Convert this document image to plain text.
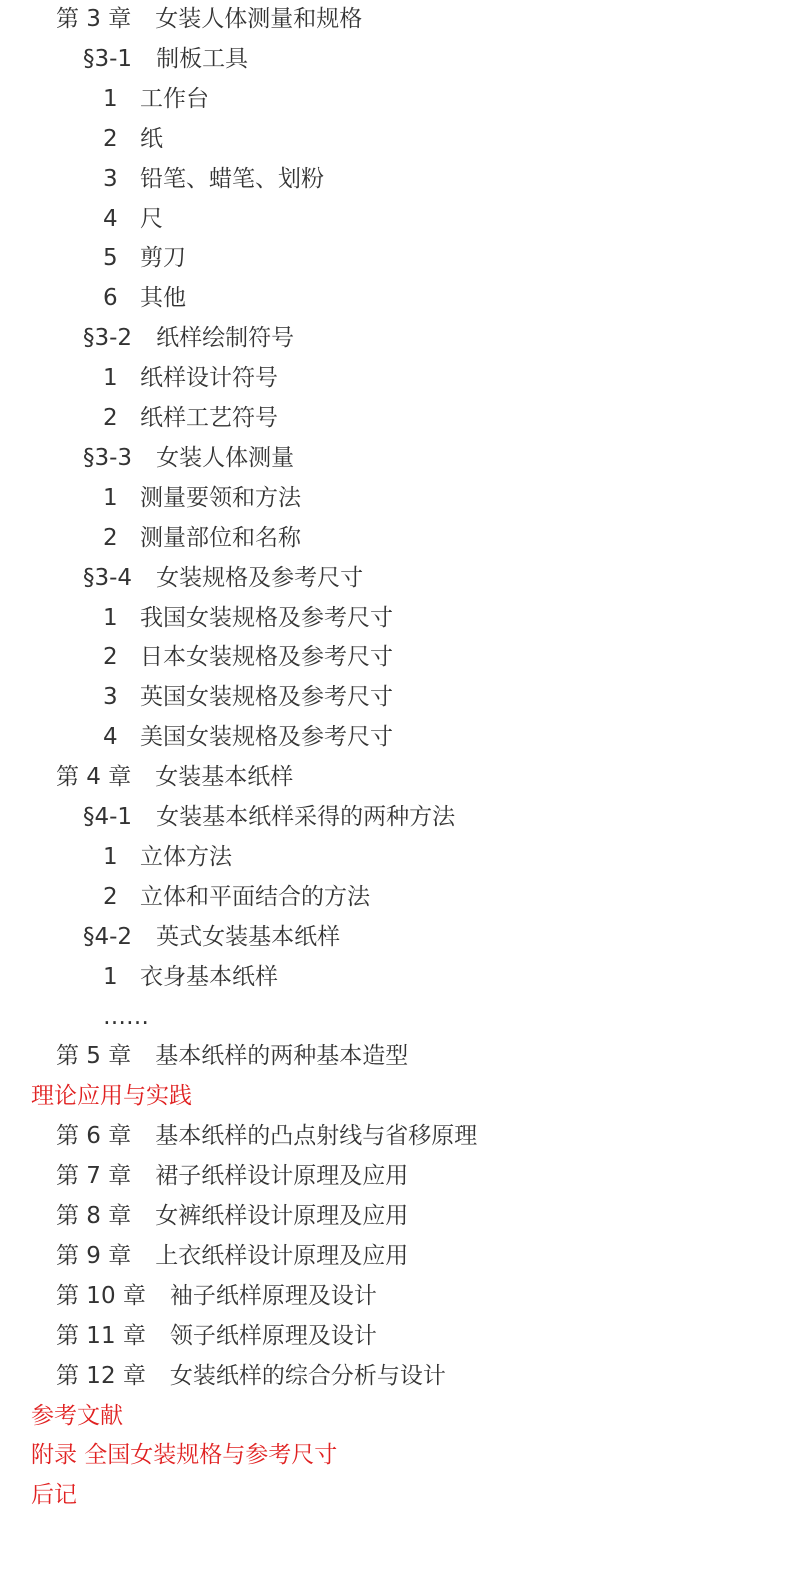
第 3 章 女装人体测量和规格
§3-1 制板工具
1 工作台
2 纸
3 铅笔、蜡笔、划粉
4 尺
5 剪刀
6 其他
§3-2 纸样绘制符号
1 纸样设计符号
2 纸样工艺符号
§3-3 女装人体测量
1 测量要领和方法
2 测量部位和名称
§3-4 女装规格及参考尺寸
1 我国女装规格及参考尺寸
2 日本女装规格及参考尺寸
3 英国女装规格及参考尺寸
4 美国女装规格及参考尺寸
第 4 章 女装基本纸样
§4-1 女装基本纸样采得的两种方法
1 立体方法
2 立体和平面结合的方法
§4-2 英式女装基本纸样
1 衣身基本纸样
……
第 5 章 基本纸样的两种基本造型
理论应用与实践
第 6 章 基本纸样的凸点射线与省移原理
第 7 章 裙子纸样设计原理及应用
第 8 章 女裤纸样设计原理及应用
第 9 章 上衣纸样设计原理及应用
第 10 章 袖子纸样原理及设计
第 11 章 领子纸样原理及设计
第 12 章 女装纸样的综合分析与设计
参考文献
附录 全国女装规格与参考尺寸
后记
